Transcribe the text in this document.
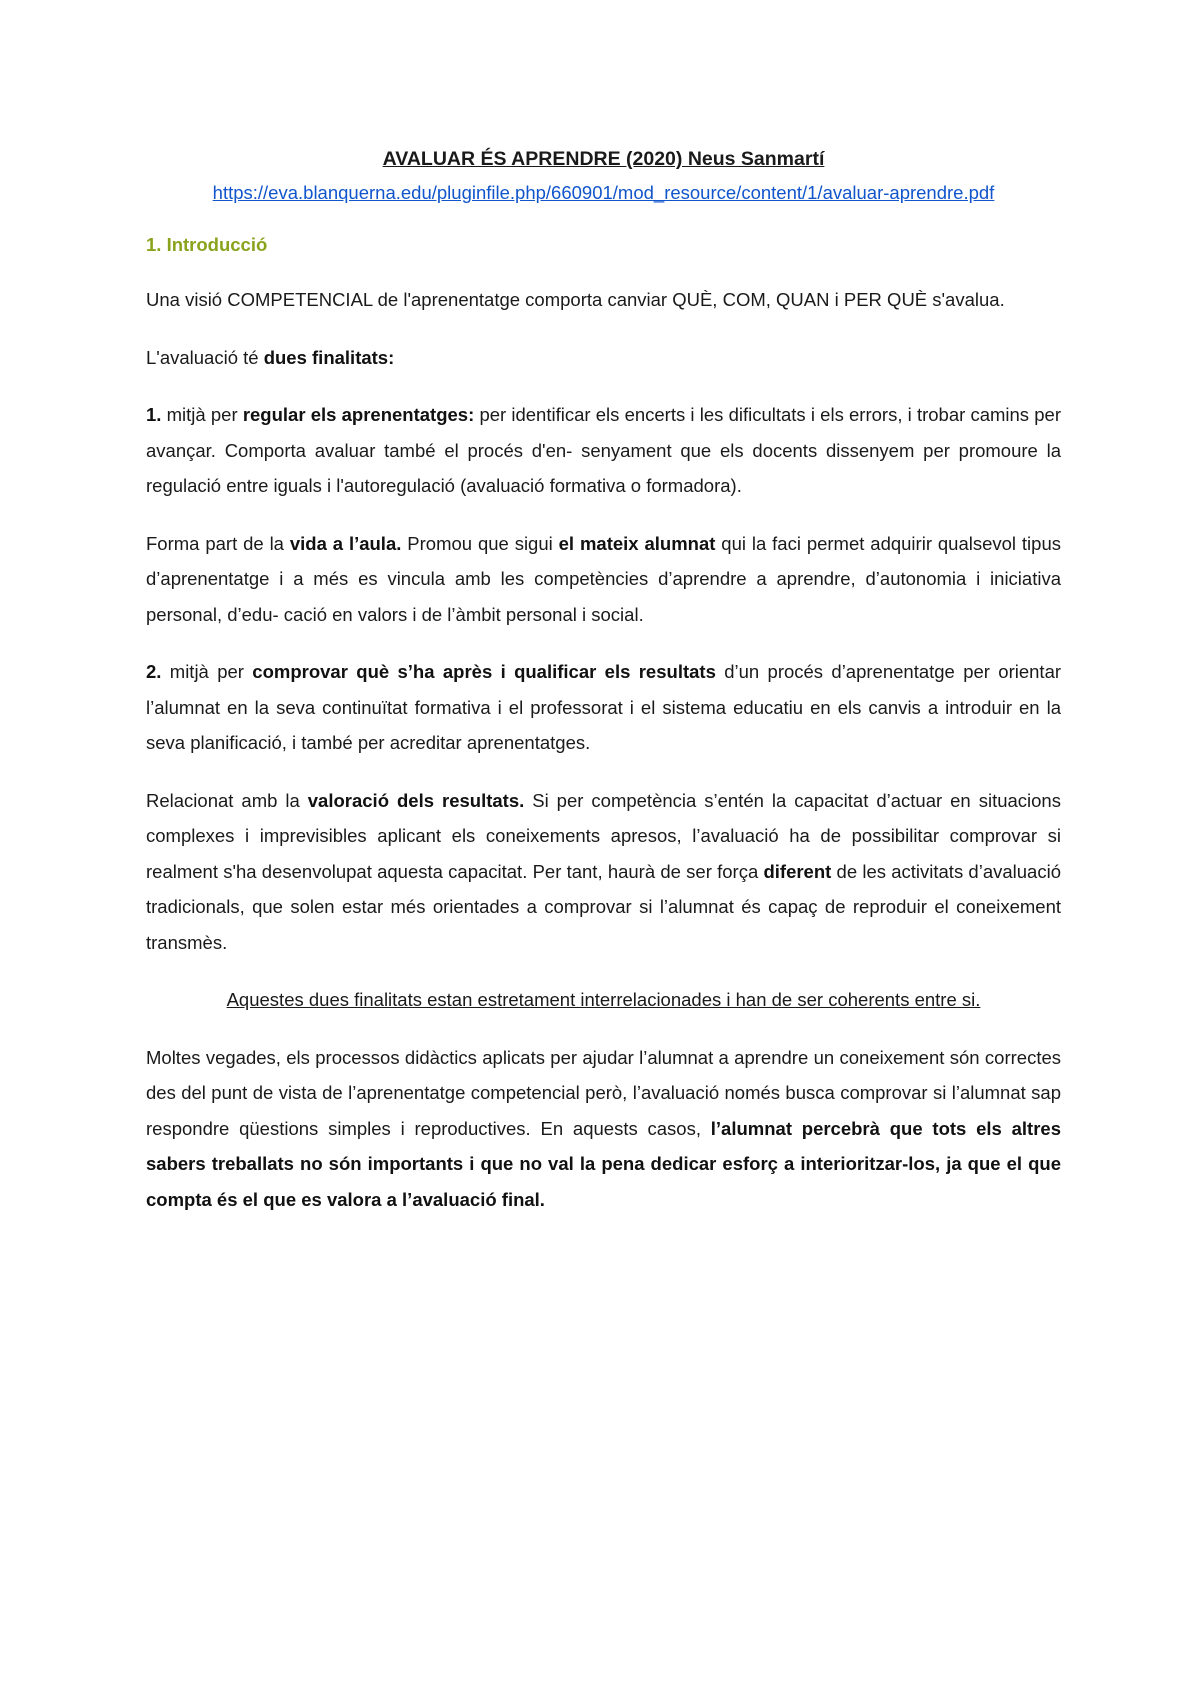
AVALUAR ÉS APRENDRE (2020) Neus Sanmartí
https://eva.blanquerna.edu/pluginfile.php/660901/mod_resource/content/1/avaluar-aprendre.pdf
1. Introducció

Una visió COMPETENCIAL de l'aprenentatge comporta canviar QUÈ, COM, QUAN i PER QUÈ s'avalua.

L'avaluació té dues finalitats:

1. mitjà per regular els aprenentatges: per identificar els encerts i les dificultats i els errors, i trobar camins per avançar. Comporta avaluar també el procés d'en- senyament que els docents dissenyem per promoure la regulació entre iguals i l'autoregulació (avaluació formativa o formadora).

Forma part de la vida a l’aula. Promou que sigui el mateix alumnat qui la faci permet adquirir qualsevol tipus d’aprenentatge i a més es vincula amb les competències d’aprendre a aprendre, d’autonomia i iniciativa personal, d’edu- cació en valors i de l’àmbit personal i social.

2. mitjà per comprovar què s’ha après i qualificar els resultats d’un procés d’aprenentatge per orientar l’alumnat en la seva continuïtat formativa i el professorat i el sistema educatiu en els canvis a introduir en la seva planificació, i també per acreditar aprenentatges.

Relacionat amb la valoració dels resultats. Si per competència s’entén la capacitat d’actuar en situacions complexes i imprevisibles aplicant els coneixements apresos, l’avaluació ha de possibilitar comprovar si realment s'ha desenvolupat aquesta capacitat. Per tant, haurà de ser força diferent de les activitats d’avaluació tradicionals, que solen estar més orientades a comprovar si l’alumnat és capaç de reproduir el coneixement transmès.

Aquestes dues finalitats estan estretament interrelacionades i han de ser coherents entre si.

Moltes vegades, els processos didàctics aplicats per ajudar l’alumnat a aprendre un coneixement són correctes des del punt de vista de l’aprenentatge competencial però, l’avaluació només busca comprovar si l’alumnat sap respondre qüestions simples i reproductives. En aquests casos, l’alumnat percebrà que tots els altres sabers treballats no són importants i que no val la pena dedicar esforç a interioritzar-los, ja que el que compta és el que es valora a l’avaluació final.
